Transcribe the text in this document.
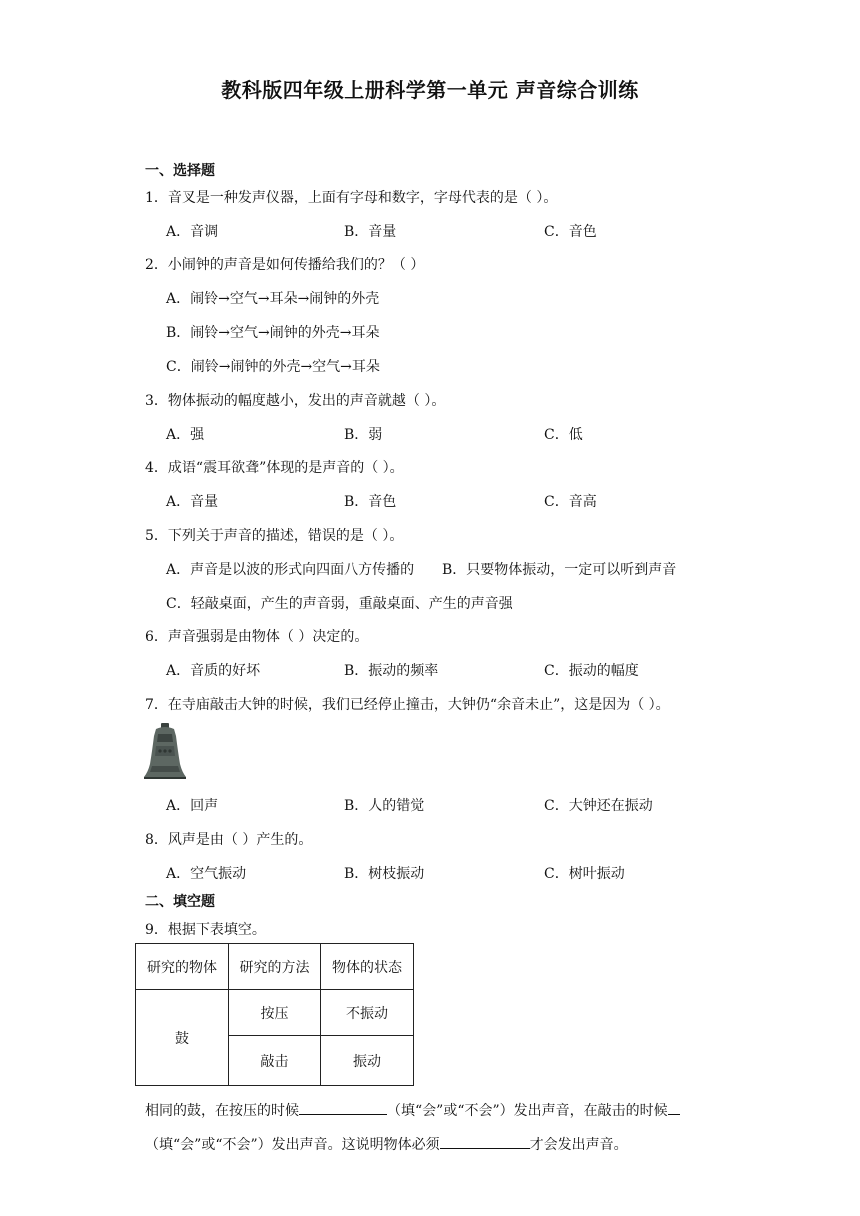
教科版四年级上册科学第一单元 声音综合训练
一、选择题
1．音叉是一种发声仪器，上面有字母和数字，字母代表的是（ ）。
A．音调	B．音量	C．音色
2．小闹钟的声音是如何传播给我们的？（ ）
A．闹铃→空气→耳朵→闹钟的外壳
B．闹铃→空气→闹钟的外壳→耳朵
C．闹铃→闹钟的外壳→空气→耳朵
3．物体振动的幅度越小，发出的声音就越（ ）。
A．强	B．弱	C．低
4．成语“震耳欲聋”体现的是声音的（ ）。
A．音量	B．音色	C．音高
5．下列关于声音的描述，错误的是（ ）。
A．声音是以波的形式向四面八方传播的 B．只要物体振动，一定可以听到声音
C．轻敲桌面，产生的声音弱，重敲桌面、产生的声音强
6．声音强弱是由物体（ ）决定的。
A．音质的好坏	B．振动的频率	C．振动的幅度
7．在寺庙敲击大钟的时候，我们已经停止撞击，大钟仍“余音未止”，这是因为（ ）。
A．回声	B．人的错觉	C．大钟还在振动
8．风声是由（ ）产生的。
A．空气振动	B．树枝振动	C．树叶振动
二、填空题
9．根据下表填空。
研究的物体	研究的方法	物体的状态
鼓	按压	不振动
	敲击	振动
相同的鼓，在按压的时候	（填“会”或“不会”）发出声音，在敲击的时候
（填“会”或“不会”）发出声音。这说明物体必须	才会发出声音。
